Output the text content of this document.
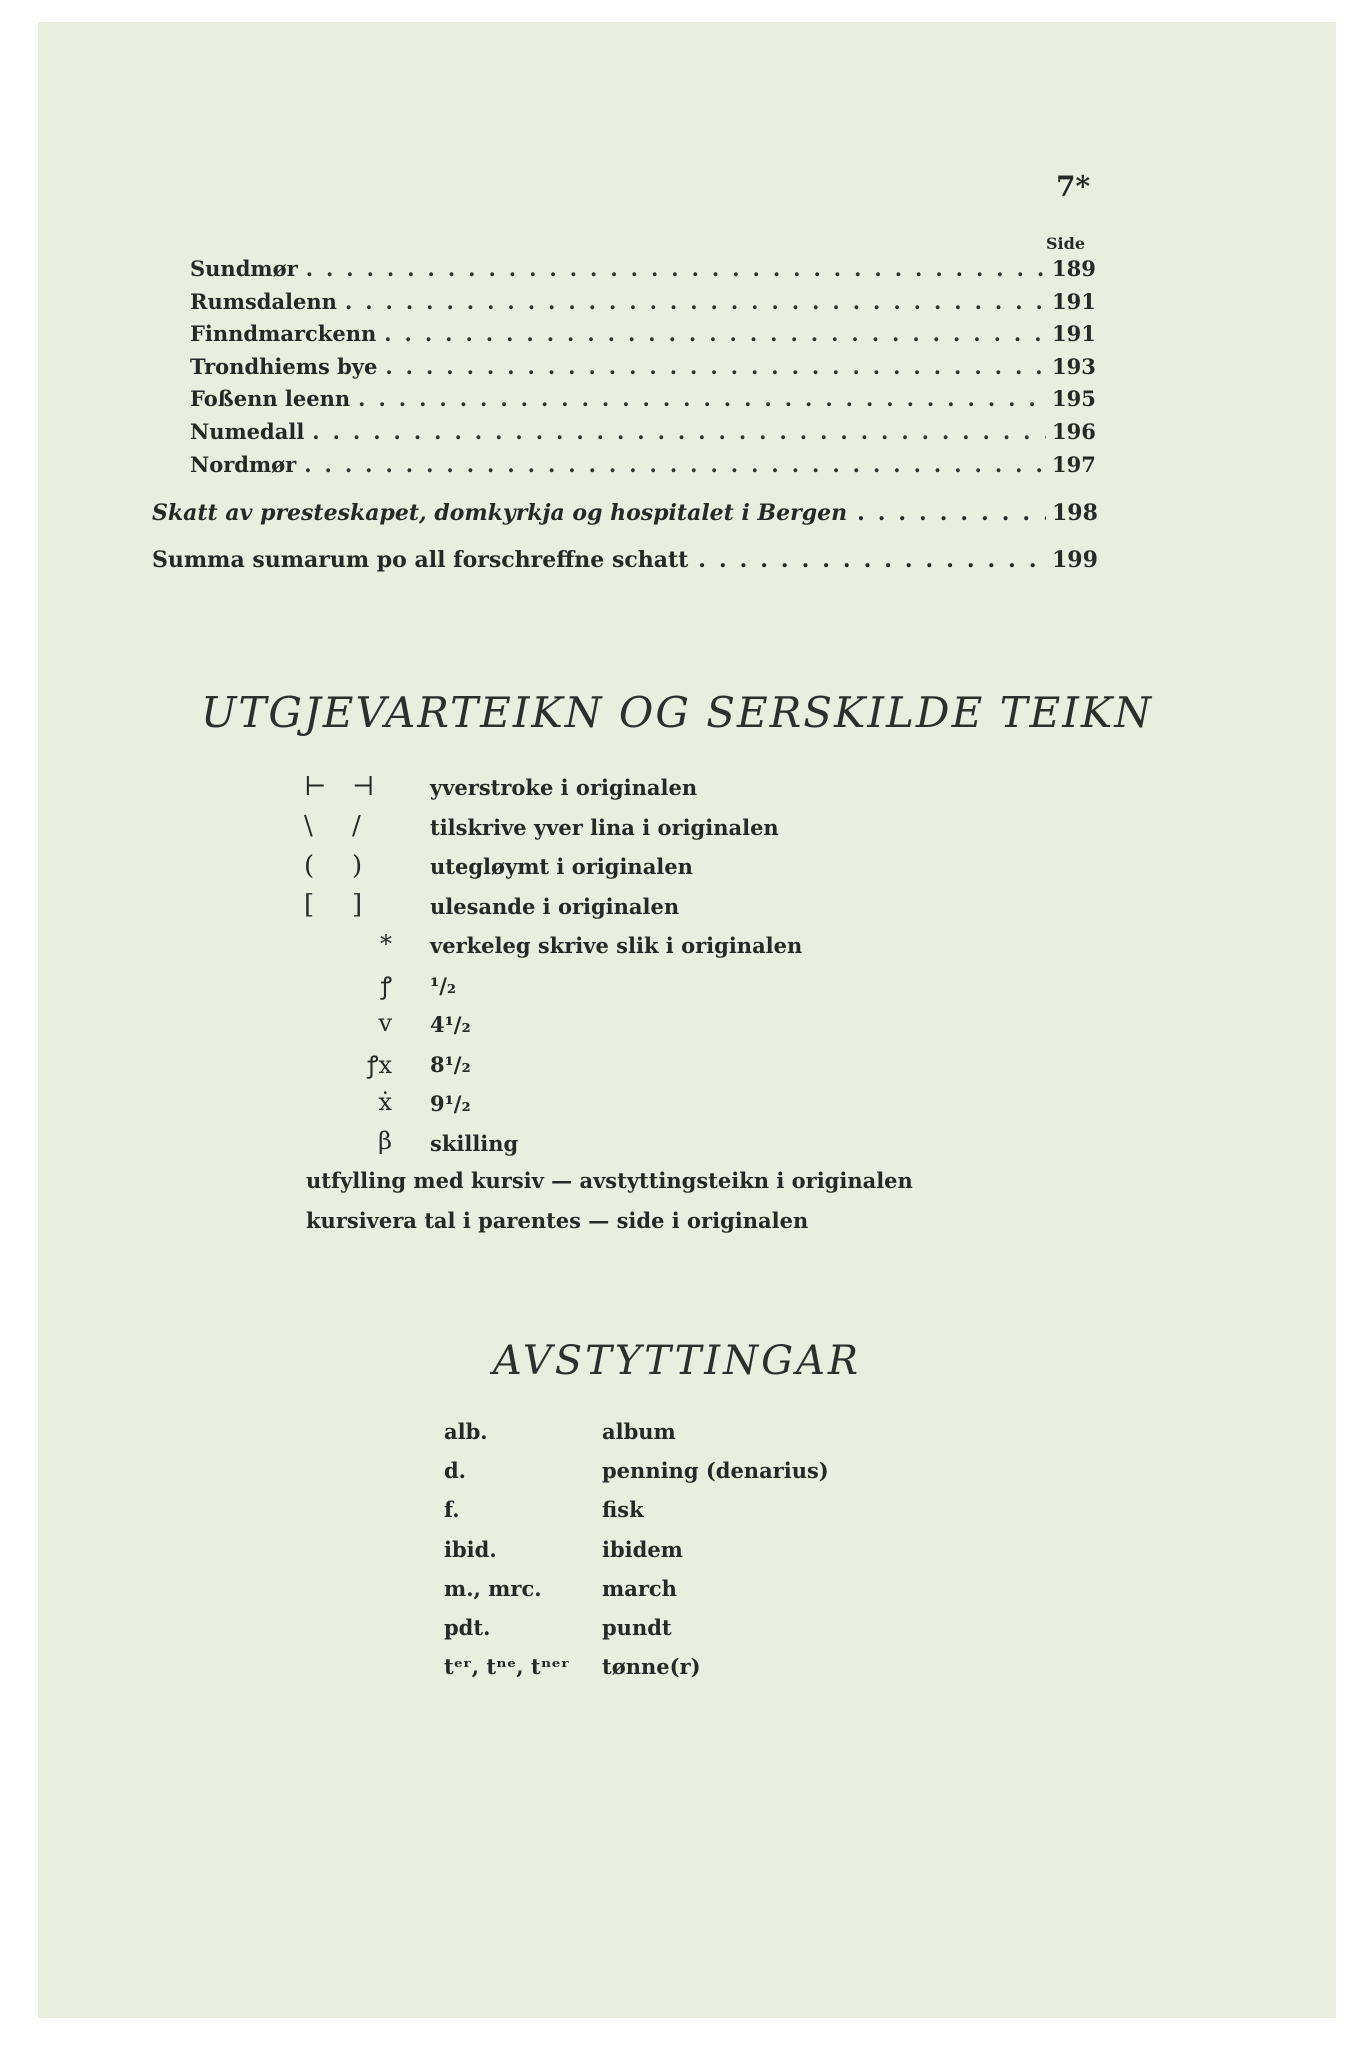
7*
Side
Sundmør .....	189
Rumsdalenn .....	191
Finndmarckenn .....	191
Trondhiems bye .....	193
Foßenn leenn .....	195
Numedall .....	196
Nordmør .....	197
Skatt av presteskapet, domkyrkja og hospitalet i Bergen .....	198
Summa sumarum po all forschreffne schatt .....	199
UTGJEVARTEIKN OG SERSKILDE TEIKN
⊢ ⊣	yverstroke i originalen
\ /	tilskrive yver lina i originalen
( )	utegløymt i originalen
[ ]	ulesande i originalen
* verkeleg skrive slik i originalen
ꝭ ¹/₂
v 4¹/₂
ꝭx 8¹/₂
ẋ 9¹/₂
β skilling
utfylling med kursiv — avstyttingsteikn i originalen
kursivera tal i parentes — side i originalen
AVSTYTTINGAR
alb.	album
d.	penning (denarius)
f.	fisk
ibid.	ibidem
m., mrc.	march
pdt.	pundt
tᵉʳ, tⁿᵉ, tⁿᵉʳ	tønne(r)
